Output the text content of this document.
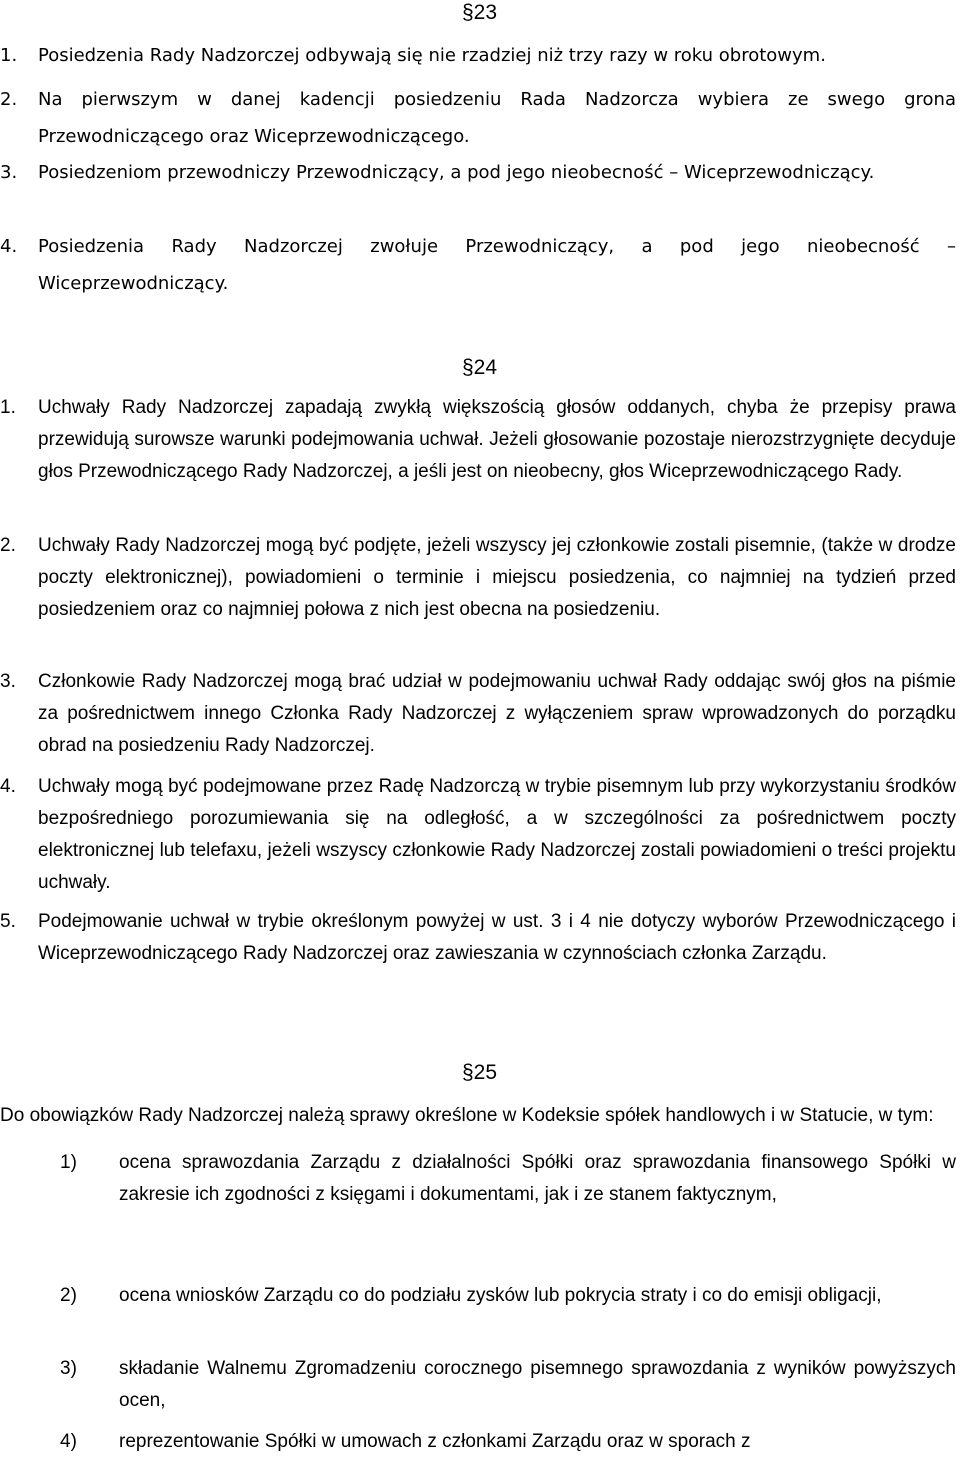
§23
1.	Posiedzenia Rady Nadzorczej odbywają się nie rzadziej niż trzy razy w roku obrotowym.
2.	Na pierwszym w danej kadencji posiedzeniu Rada Nadzorcza wybiera ze swego grona Przewodniczącego oraz Wiceprzewodniczącego.
3.	Posiedzeniom przewodniczy Przewodniczący, a pod jego nieobecność – Wiceprzewodniczący.
4.	Posiedzenia Rady Nadzorczej zwołuje Przewodniczący, a pod jego nieobecność – Wiceprzewodniczący.
§24
1.	Uchwały Rady Nadzorczej zapadają zwykłą większością głosów oddanych, chyba że przepisy prawa przewidują surowsze warunki podejmowania uchwał. Jeżeli głosowanie pozostaje nierozstrzygnięte decyduje głos Przewodniczącego Rady Nadzorczej, a jeśli jest on nieobecny, głos Wiceprzewodniczącego Rady.
2.	Uchwały Rady Nadzorczej mogą być podjęte, jeżeli wszyscy jej członkowie zostali pisemnie, (także w drodze poczty elektronicznej), powiadomieni o terminie i miejscu posiedzenia, co najmniej na tydzień przed posiedzeniem oraz co najmniej połowa z nich jest obecna na posiedzeniu.
3.	Członkowie Rady Nadzorczej mogą brać udział w podejmowaniu uchwał Rady oddając swój głos na piśmie za pośrednictwem innego Członka Rady Nadzorczej z wyłączeniem spraw wprowadzonych do porządku obrad na posiedzeniu Rady Nadzorczej.
4.	Uchwały mogą być podejmowane przez Radę Nadzorczą w trybie pisemnym lub przy wykorzystaniu środków bezpośredniego porozumiewania się na odległość, a w szczególności za pośrednictwem poczty elektronicznej lub telefaxu, jeżeli wszyscy członkowie Rady Nadzorczej zostali powiadomieni o treści projektu uchwały.
5.	Podejmowanie uchwał w trybie określonym powyżej w ust. 3 i 4 nie dotyczy wyborów Przewodniczącego i Wiceprzewodniczącego Rady Nadzorczej oraz zawieszania w czynnościach członka Zarządu.
§25
Do obowiązków Rady Nadzorczej należą sprawy określone w Kodeksie spółek handlowych i w Statucie, w tym:
1)	ocena sprawozdania Zarządu z działalności Spółki oraz sprawozdania finansowego Spółki w zakresie ich zgodności z księgami i dokumentami, jak i ze stanem faktycznym,
2)	ocena wniosków Zarządu co do podziału zysków lub pokrycia straty i co do emisji obligacji,
3)	składanie Walnemu Zgromadzeniu corocznego pisemnego sprawozdania z wyników powyższych ocen,
4)	reprezentowanie Spółki w umowach z członkami Zarządu oraz w sporach z
